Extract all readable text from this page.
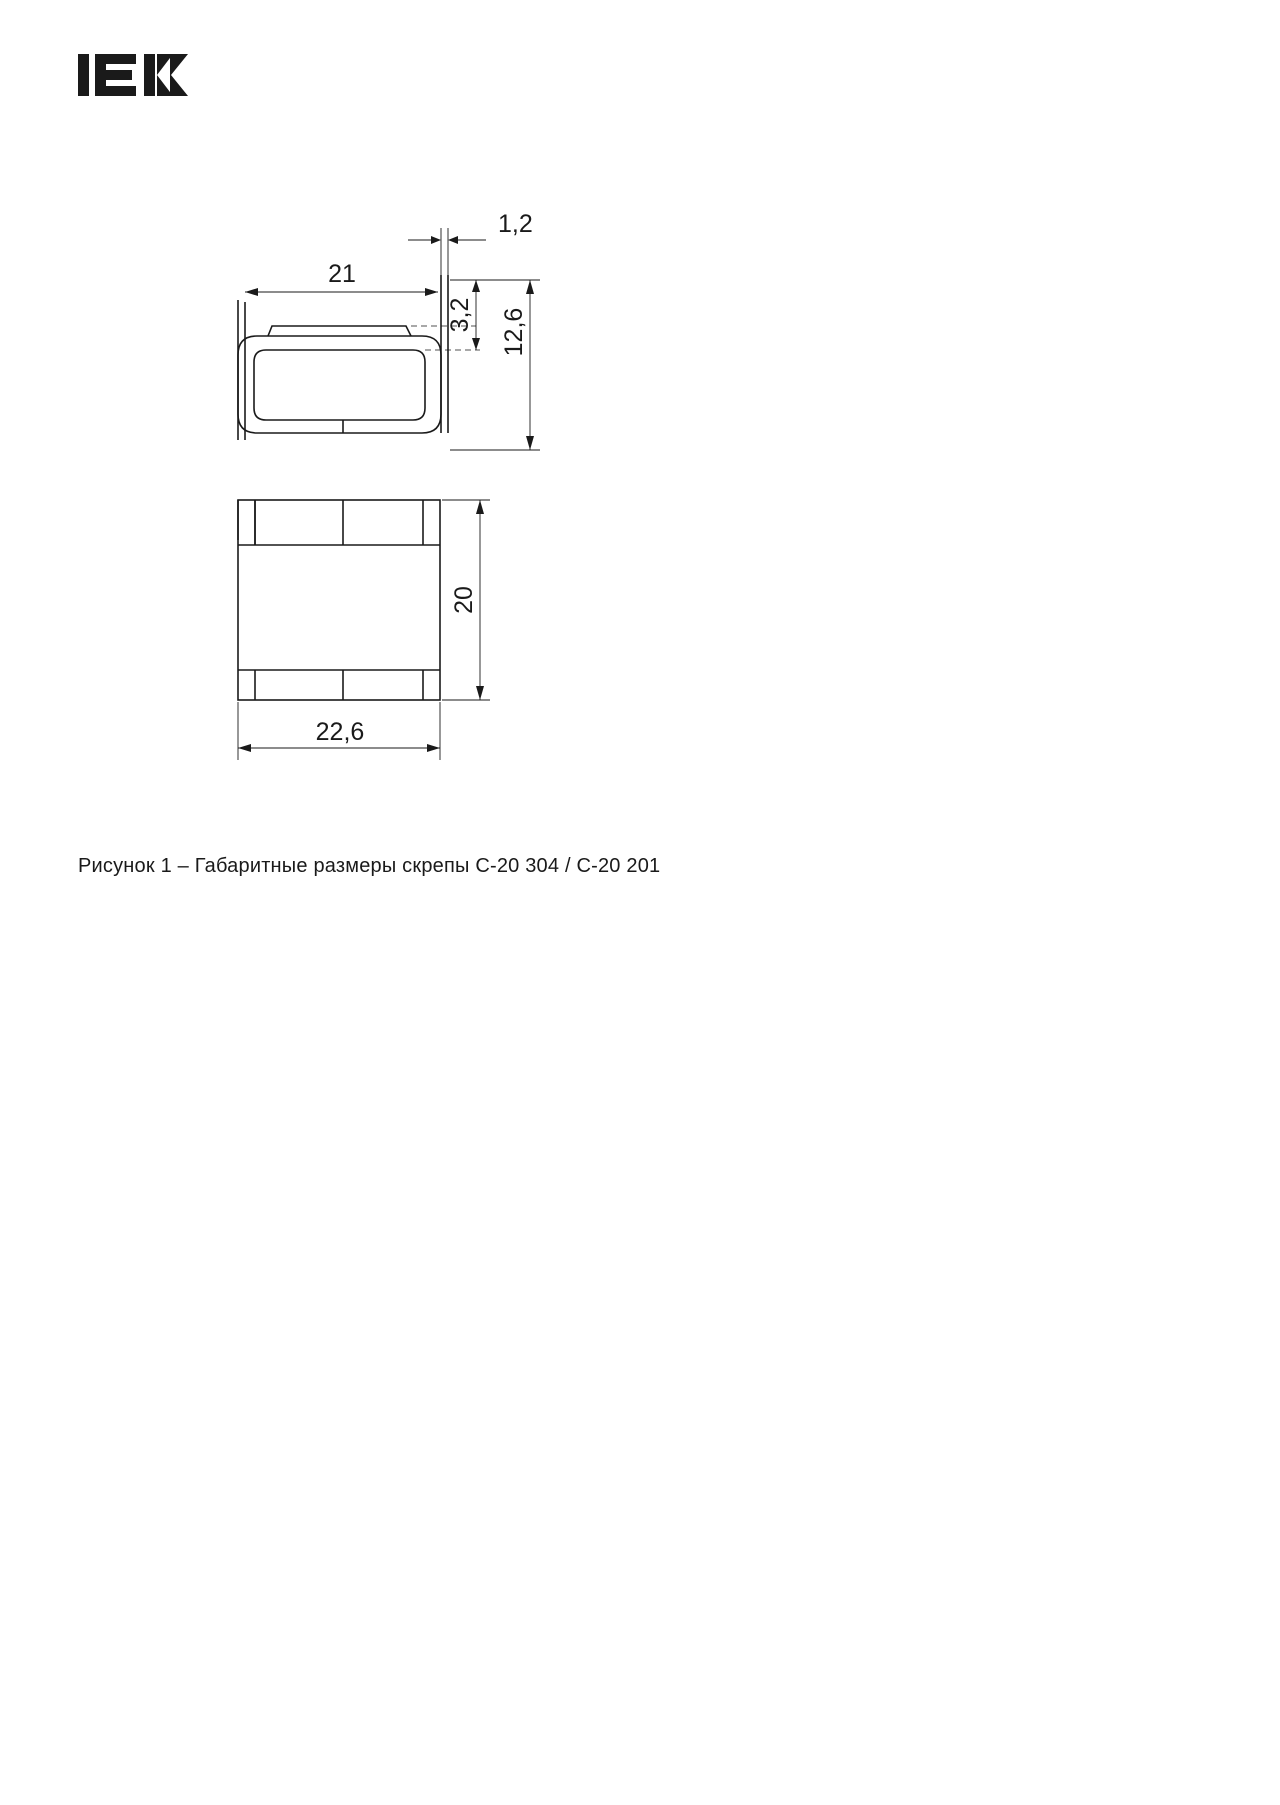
1,2
21
3,2 12,6
20
22,6
Рисунок 1 – Габаритные размеры скрепы С-20 304 / С-20 201
